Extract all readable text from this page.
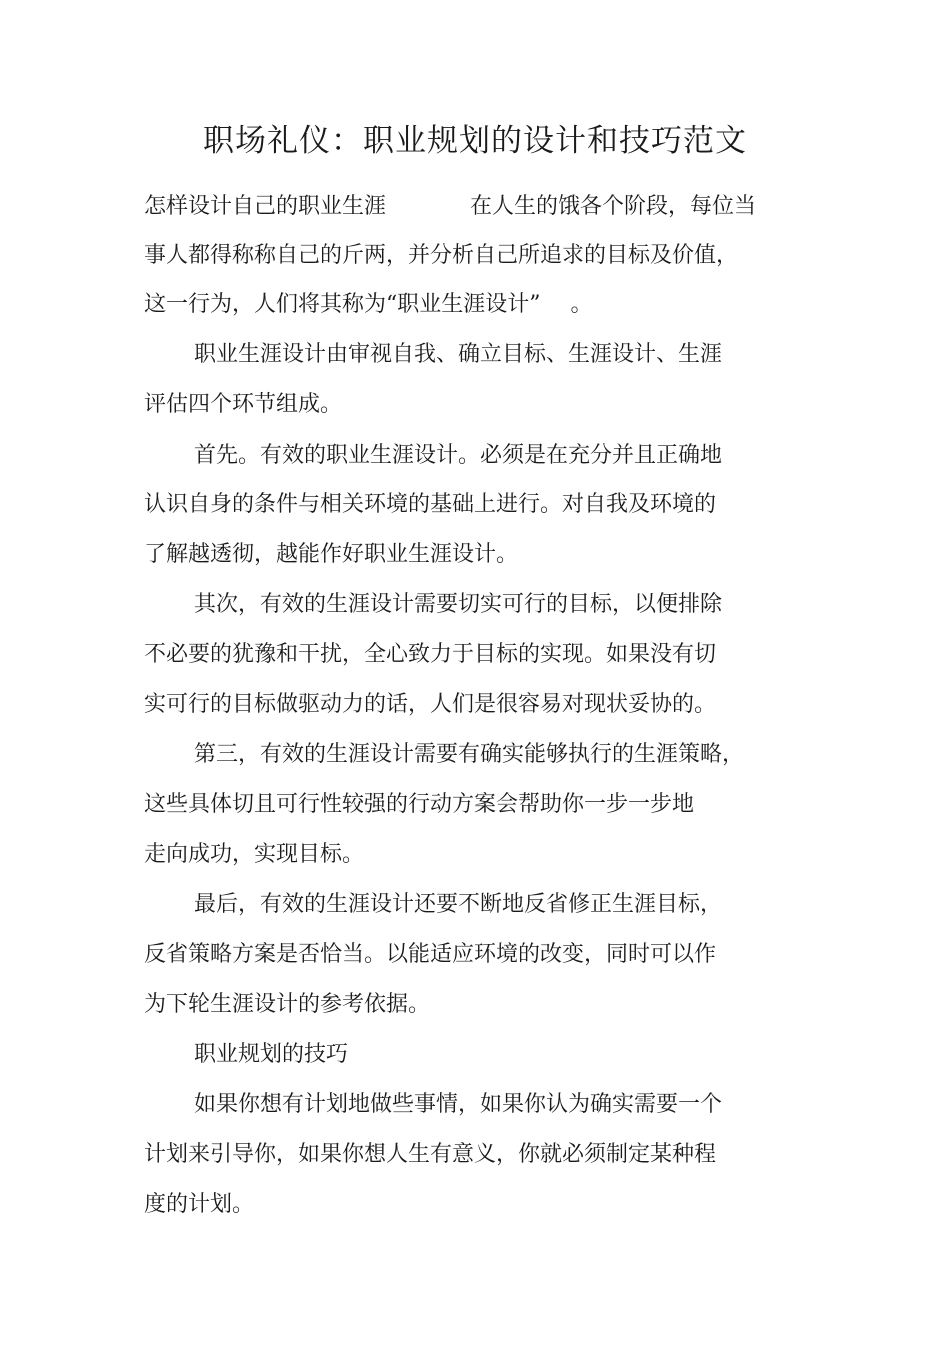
职场礼仪：职业规划的设计和技巧范文

怎样设计自己的职业生涯	在人生的饿各个阶段，每位当

事人都得称称自己的斤两，并分析自己所追求的目标及价值，

这一行为，人们将其称为“职业生涯设计” 。

职业生涯设计由审视自我、确立目标、生涯设计、生涯

评估四个环节组成。

首先。有效的职业生涯设计。必须是在充分并且正确地

认识自身的条件与相关环境的基础上进行。对自我及环境的

了解越透彻，越能作好职业生涯设计。

其次，有效的生涯设计需要切实可行的目标，以便排除

不必要的犹豫和干扰，全心致力于目标的实现。如果没有切

实可行的目标做驱动力的话，人们是很容易对现状妥协的。

第三，有效的生涯设计需要有确实能够执行的生涯策略，

这些具体切且可行性较强的行动方案会帮助你一步一步地

走向成功，实现目标。

最后，有效的生涯设计还要不断地反省修正生涯目标，

反省策略方案是否恰当。以能适应环境的改变，同时可以作

为下轮生涯设计的参考依据。

职业规划的技巧

如果你想有计划地做些事情，如果你认为确实需要一个

计划来引导你，如果你想人生有意义，你就必须制定某种程

度的计划。
